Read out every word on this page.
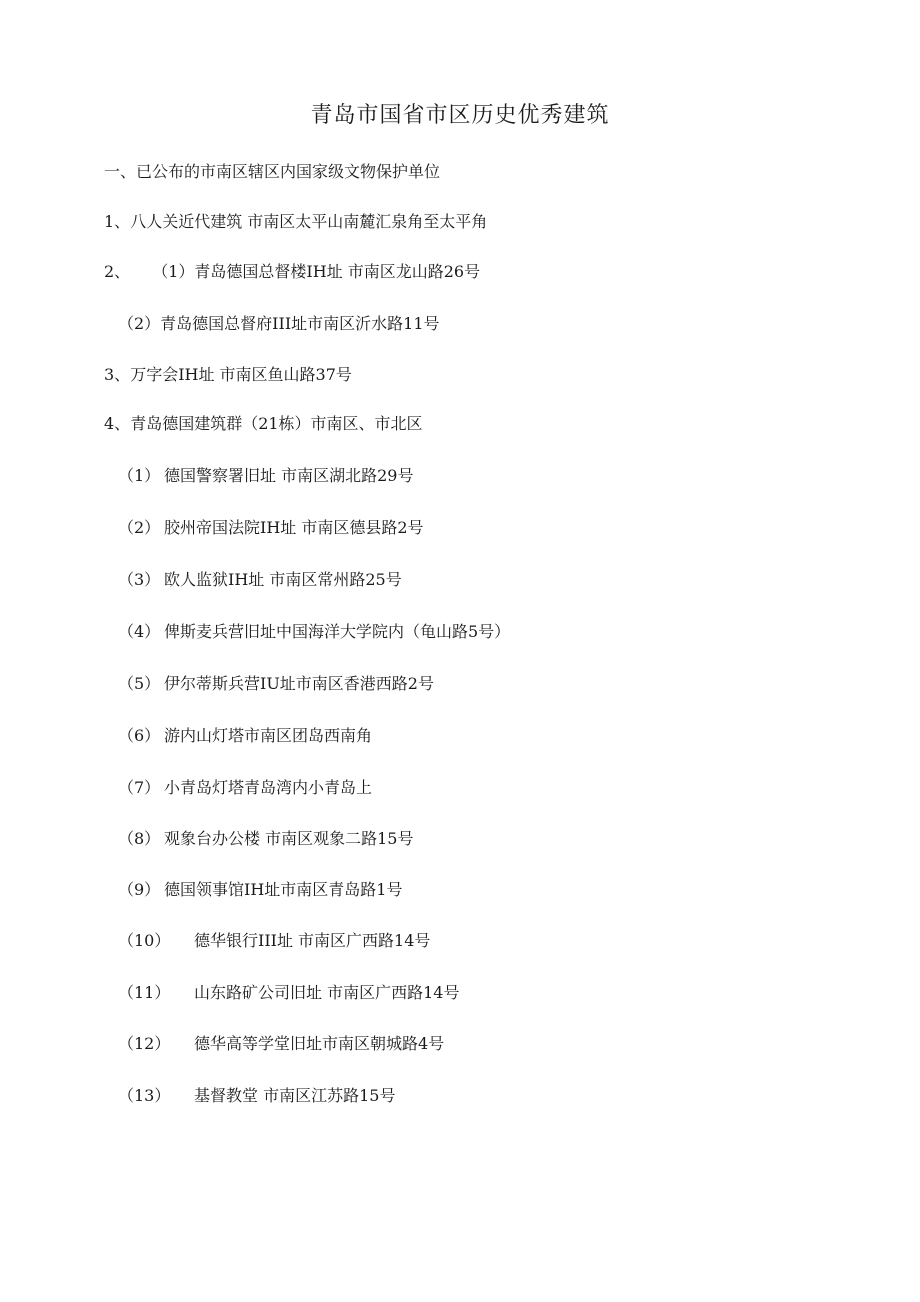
青岛市国省市区历史优秀建筑

一、已公布的市南区辖区内国家级文物保护单位

1、八人关近代建筑 市南区太平山南麓汇泉角至太平角

2、 （1）青岛德国总督楼IH址 市南区龙山路26号

（2）青岛德国总督府III址市南区沂水路11号

3、万字会IH址 市南区鱼山路37号

4、青岛德国建筑群（21栋）市南区、市北区

（1） 德国警察署旧址 市南区湖北路29号

（2） 胶州帝国法院IH址 市南区德县路2号

（3） 欧人监狱IH址 市南区常州路25号

（4） 俾斯麦兵营旧址中国海洋大学院内（龟山路5号）

（5） 伊尔蒂斯兵营IU址市南区香港西路2号

（6） 游内山灯塔市南区团岛西南角

（7） 小青岛灯塔青岛湾内小青岛上

（8） 观象台办公楼 市南区观象二路15号

（9） 德国领事馆IH址市南区青岛路1号

（10） 德华银行III址 市南区广西路14号

（11） 山东路矿公司旧址 市南区广西路14号

（12） 德华高等学堂旧址市南区朝城路4号

（13） 基督教堂 市南区江苏路15号
